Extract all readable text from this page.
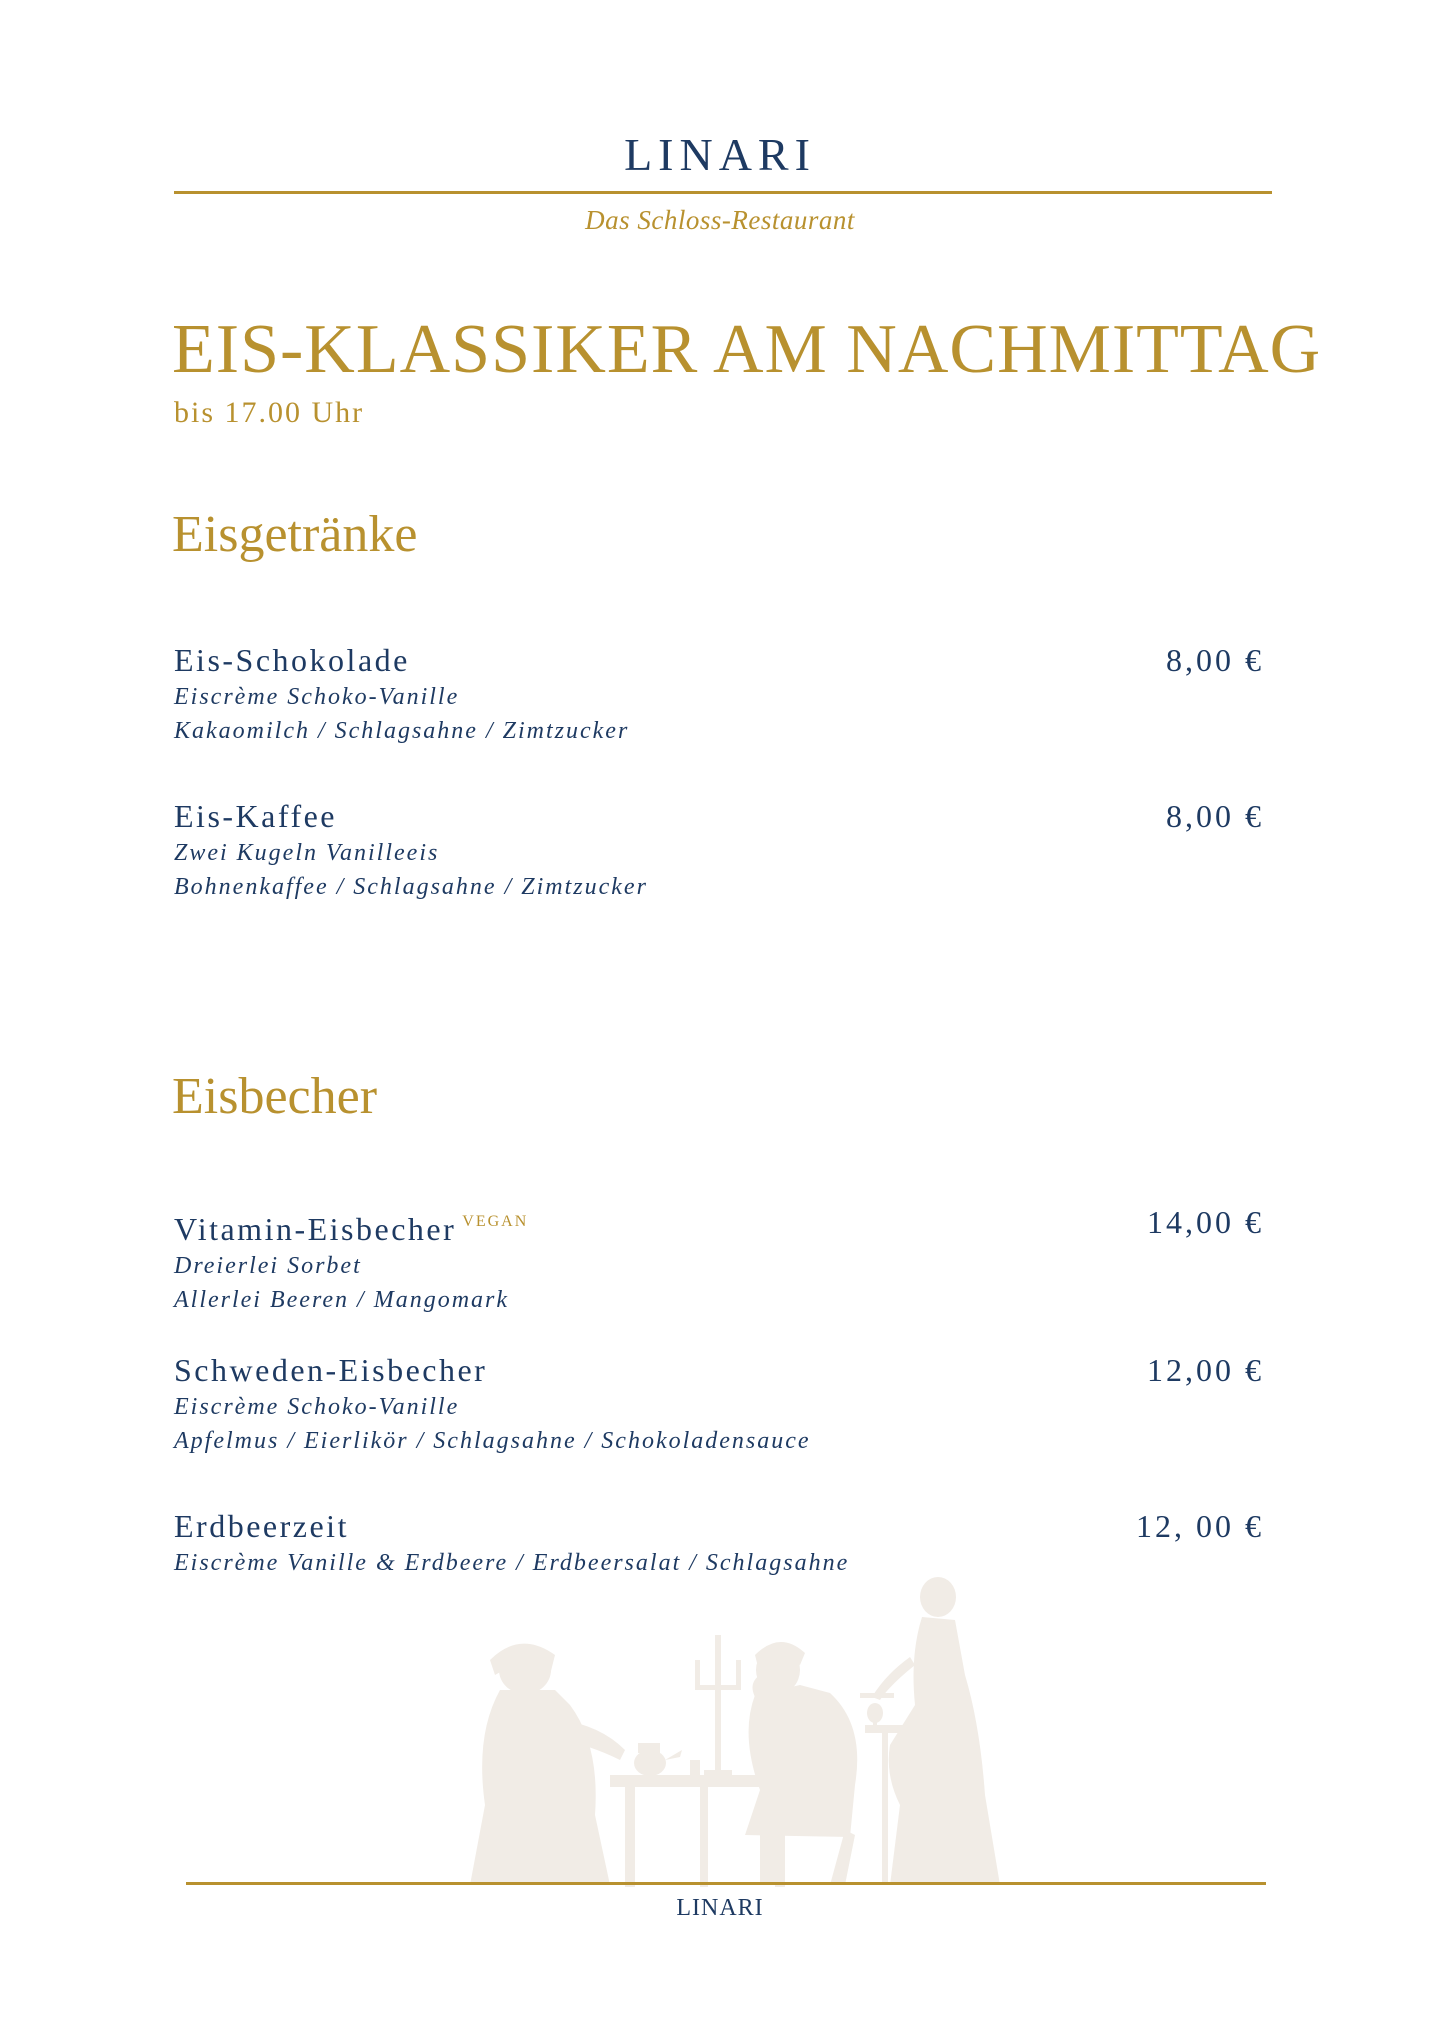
LINARI
Das Schloss-Restaurant
EIS-KLASSIKER AM NACHMITTAG
bis 17.00 Uhr
Eisgetränke
Eis-Schokolade	8,00 €
Eiscrème Schoko-Vanille
Kakaomilch / Schlagsahne / Zimtzucker
Eis-Kaffee	8,00 €
Zwei Kugeln Vanilleeis
Bohnenkaffee / Schlagsahne / Zimtzucker
Eisbecher
Vitamin-Eisbecher $^{VEGAN}$	14,00 €
Dreierlei Sorbet
Allerlei Beeren / Mangomark
Schweden-Eisbecher	12,00 €
Eiscrème Schoko-Vanille
Apfelmus / Eierlikör / Schlagsahne / Schokoladensauce
Erdbeerzeit	12, 00 €
Eiscrème Vanille & Erdbeere / Erdbeersalat / Schlagsahne
LINARI
